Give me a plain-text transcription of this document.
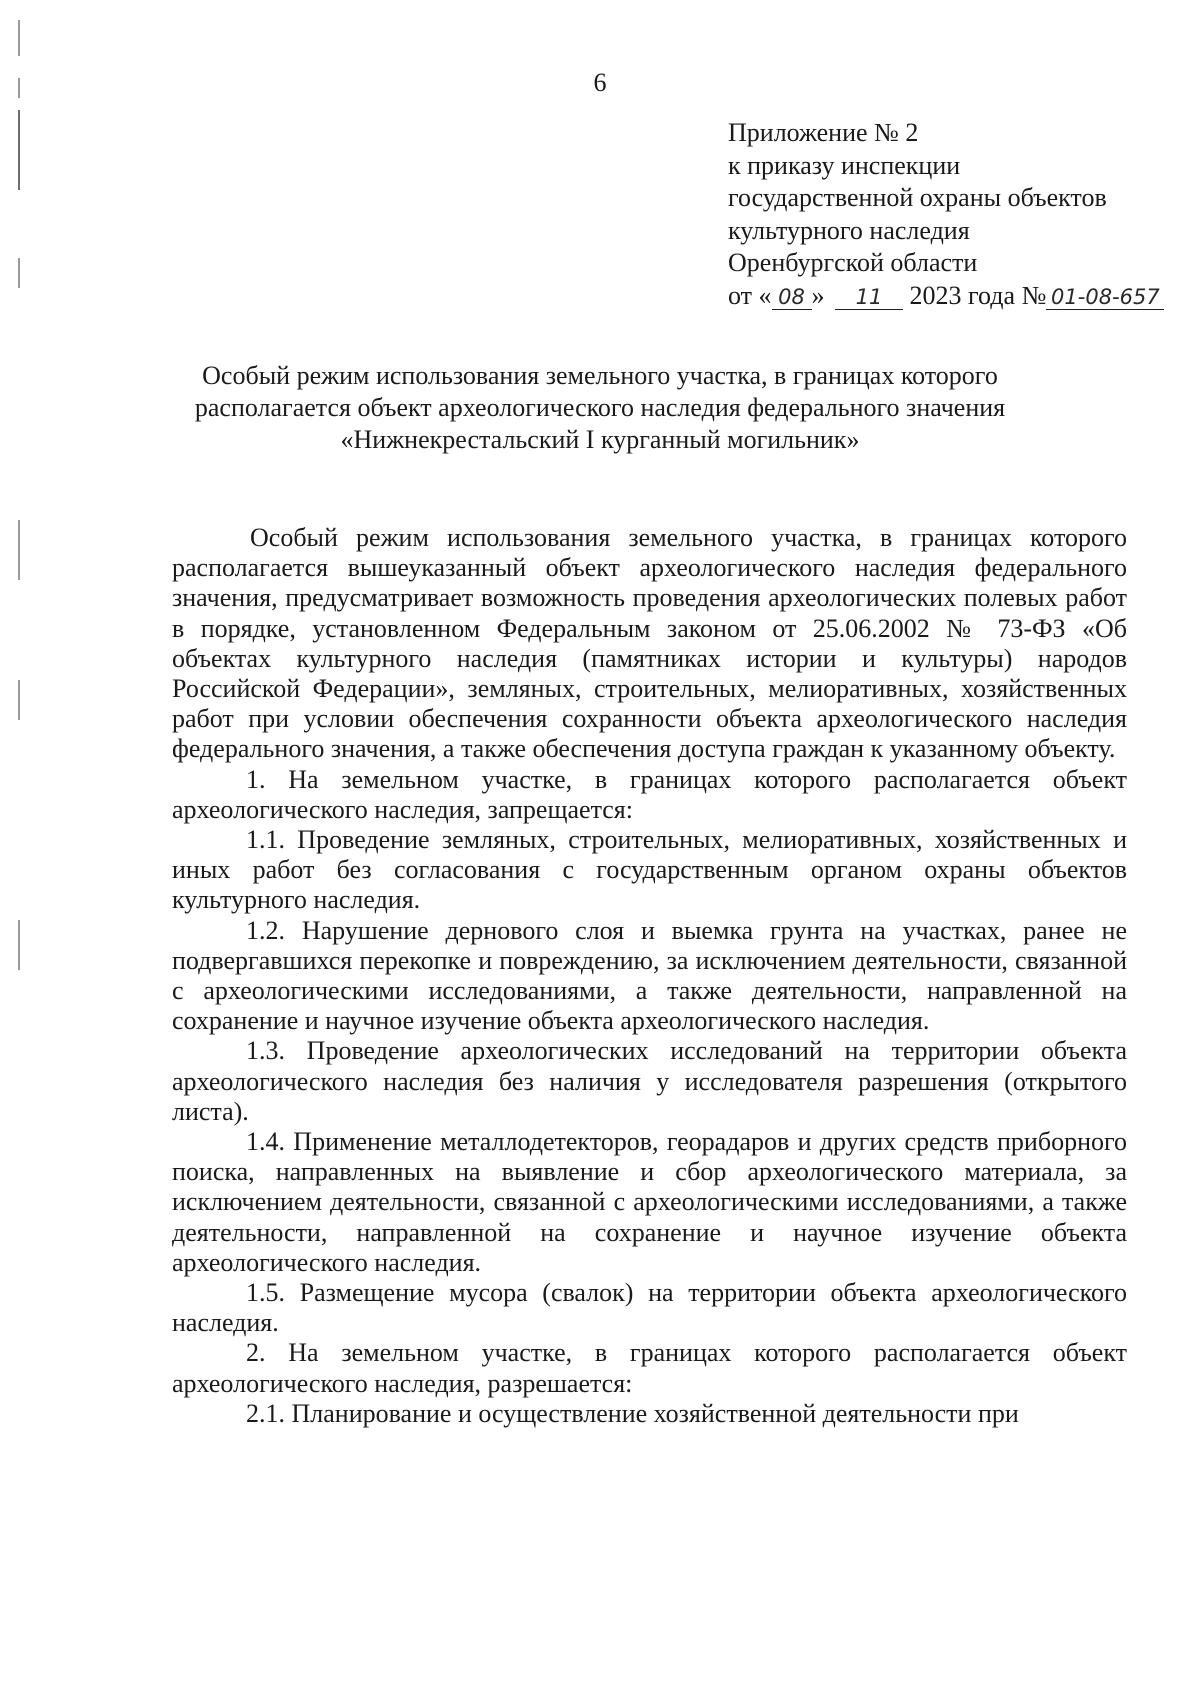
6
Приложение № 2
к приказу инспекции
государственной охраны объектов
культурного наследия
Оренбургской области
от « 08 » 11 2023 года № 01-08-657
Особый режим использования земельного участка, в границах которого
располагается объект археологического наследия федерального значения
«Нижнекрестальский I курганный могильник»

Особый режим использования земельного участка, в границах которого располагается вышеуказанный объект археологического наследия федерального значения, предусматривает возможность проведения археологических полевых работ в порядке, установленном Федеральным законом от 25.06.2002 № 73-ФЗ «Об объектах культурного наследия (памятниках истории и культуры) народов Российской Федерации», земляных, строительных, мелиоративных, хозяйственных работ при условии обеспечения сохранности объекта археологического наследия федерального значения, а также обеспечения доступа граждан к указанному объекту.

1. На земельном участке, в границах которого располагается объект археологического наследия, запрещается:

1.1. Проведение земляных, строительных, мелиоративных, хозяйственных и иных работ без согласования с государственным органом охраны объектов культурного наследия.

1.2. Нарушение дернового слоя и выемка грунта на участках, ранее не подвергавшихся перекопке и повреждению, за исключением деятельности, связанной с археологическими исследованиями, а также деятельности, направленной на сохранение и научное изучение объекта археологического наследия.

1.3. Проведение археологических исследований на территории объекта археологического наследия без наличия у исследователя разрешения (открытого листа).

1.4. Применение металлодетекторов, георадаров и других средств приборного поиска, направленных на выявление и сбор археологического материала, за исключением деятельности, связанной с археологическими исследованиями, а также деятельности, направленной на сохранение и научное изучение объекта археологического наследия.

1.5. Размещение мусора (свалок) на территории объекта археологического наследия.

2. На земельном участке, в границах которого располагается объект археологического наследия, разрешается:

2.1. Планирование и осуществление хозяйственной деятельности при
